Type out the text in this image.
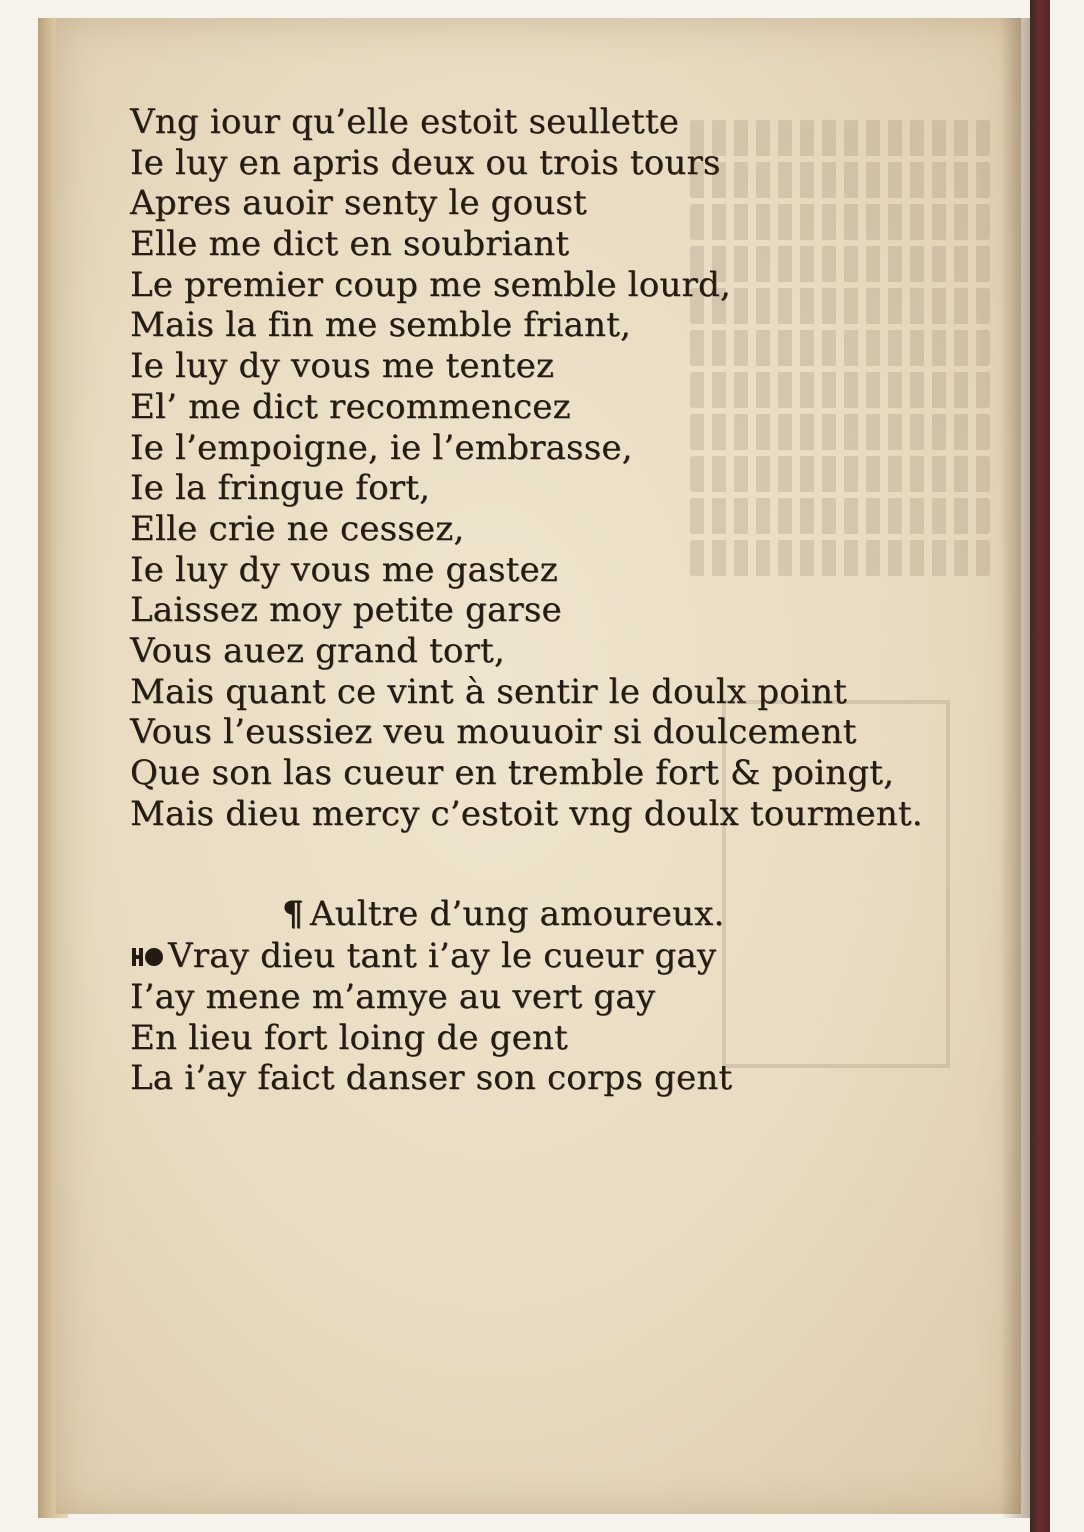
Vng iour qu’elle estoit seullette
Ie luy en apris deux ou trois tours
Apres auoir senty le goust
Elle me dict en soubriant
Le premier coup me semble lourd,
Mais la fin me semble friant,
Ie luy dy vous me tentez
El’ me dict recommencez
Ie l’empoigne, ie l’embrasse,
Ie la fringue fort,
Elle crie ne cessez,
Ie luy dy vous me gastez
Laissez moy petite garse
Vous auez grand tort,
Mais quant ce vint à sentir le doulx point
Vous l’eussiez veu mouuoir si doulcement
Que son las cueur en tremble fort & poingt,
Mais dieu mercy c’estoit vng doulx tourment.
¶ Aultre d’ung amoureux.
Vray dieu tant i’ay le cueur gay
I’ay mene m’amye au vert gay
En lieu fort loing de gent
La i’ay faict danser son corps gent
